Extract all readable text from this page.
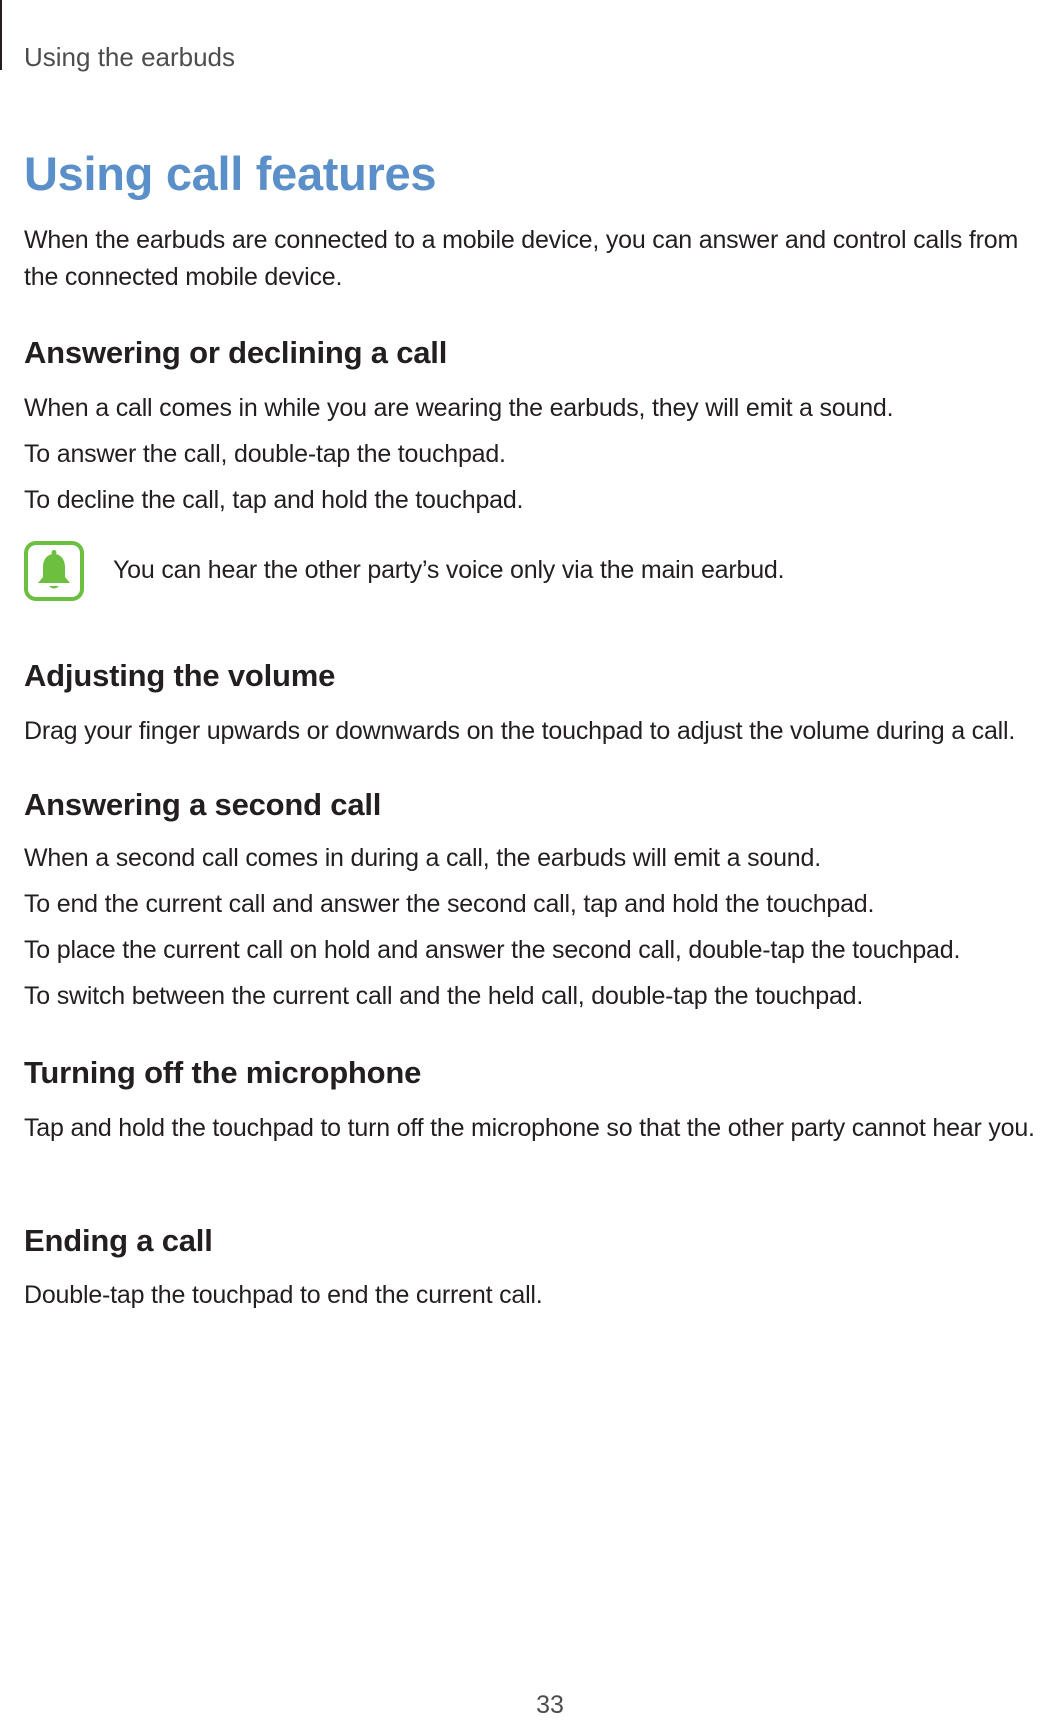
Using the earbuds
Using call features

When the earbuds are connected to a mobile device, you can answer and control calls from the connected mobile device.

Answering or declining a call

When a call comes in while you are wearing the earbuds, they will emit a sound.

To answer the call, double-tap the touchpad.

To decline the call, tap and hold the touchpad.

You can hear the other party’s voice only via the main earbud.

Adjusting the volume

Drag your finger upwards or downwards on the touchpad to adjust the volume during a call.

Answering a second call

When a second call comes in during a call, the earbuds will emit a sound.

To end the current call and answer the second call, tap and hold the touchpad.

To place the current call on hold and answer the second call, double-tap the touchpad.

To switch between the current call and the held call, double-tap the touchpad.

Turning off the microphone

Tap and hold the touchpad to turn off the microphone so that the other party cannot hear you.

Ending a call

Double-tap the touchpad to end the current call.

33
